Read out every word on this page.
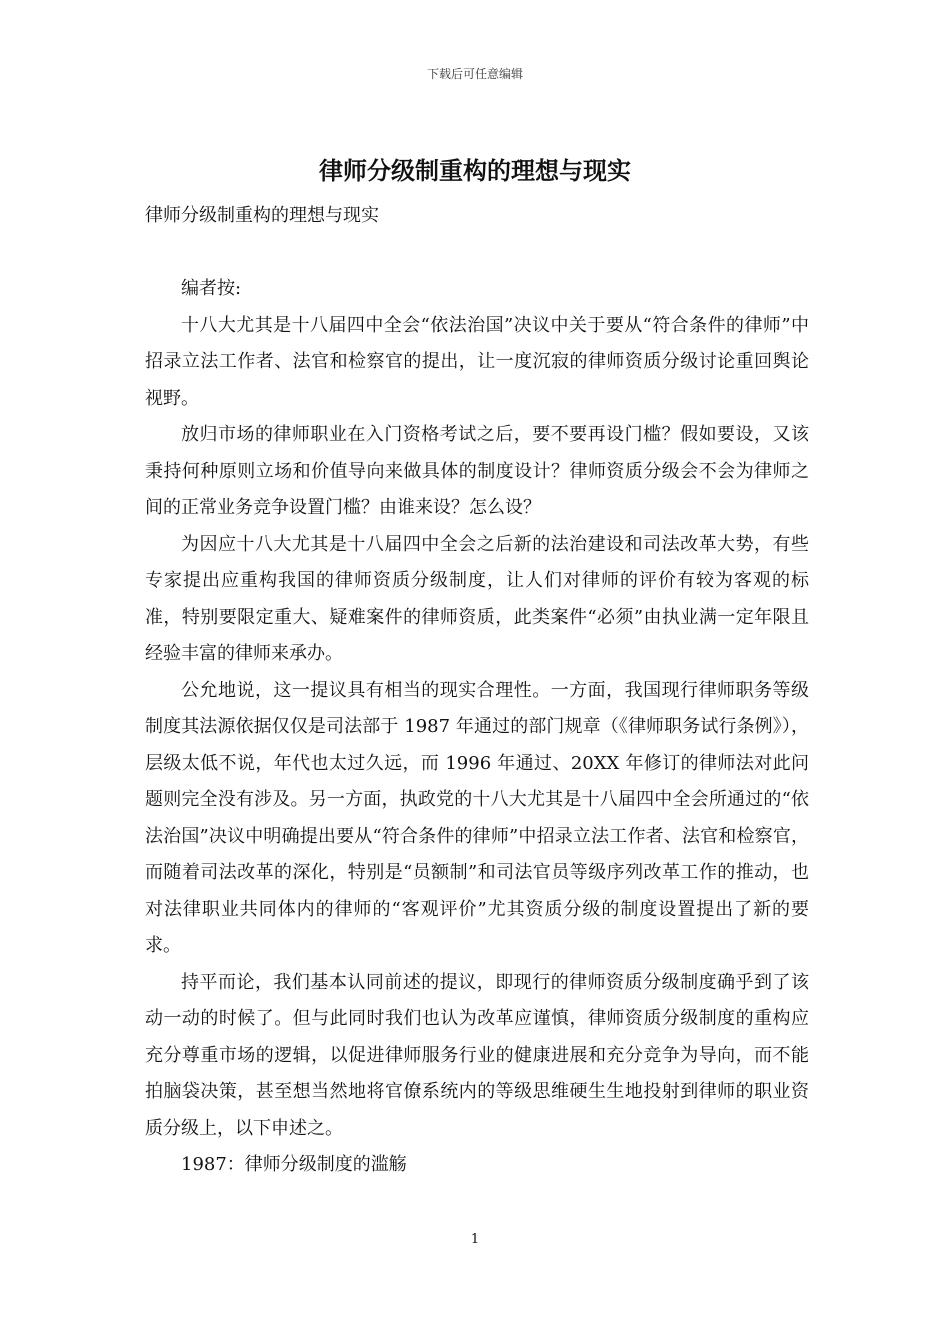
下载后可任意编辑
律师分级制重构的理想与现实

律师分级制重构的理想与现实

编者按:

十八大尤其是十八届四中全会“依法治国”决议中关于要从“符合条件的律师”中招录立法工作者、法官和检察官的提出，让一度沉寂的律师资质分级讨论重回舆论视野。

放归市场的律师职业在入门资格考试之后，要不要再设门槛？假如要设，又该秉持何种原则立场和价值导向来做具体的制度设计？律师资质分级会不会为律师之间的正常业务竞争设置门槛？由谁来设？怎么设？

为因应十八大尤其是十八届四中全会之后新的法治建设和司法改革大势，有些专家提出应重构我国的律师资质分级制度，让人们对律师的评价有较为客观的标准，特别要限定重大、疑难案件的律师资质，此类案件“必须”由执业满一定年限且经验丰富的律师来承办。

公允地说，这一提议具有相当的现实合理性。一方面，我国现行律师职务等级制度其法源依据仅仅是司法部于 1987 年通过的部门规章（《律师职务试行条例》），层级太低不说，年代也太过久远，而 1996 年通过、20XX 年修订的律师法对此问题则完全没有涉及。另一方面，执政党的十八大尤其是十八届四中全会所通过的“依法治国”决议中明确提出要从“符合条件的律师”中招录立法工作者、法官和检察官，而随着司法改革的深化，特别是“员额制”和司法官员等级序列改革工作的推动，也对法律职业共同体内的律师的“客观评价”尤其资质分级的制度设置提出了新的要求。

持平而论，我们基本认同前述的提议，即现行的律师资质分级制度确乎到了该动一动的时候了。但与此同时我们也认为改革应谨慎，律师资质分级制度的重构应充分尊重市场的逻辑，以促进律师服务行业的健康进展和充分竞争为导向，而不能拍脑袋决策，甚至想当然地将官僚系统内的等级思维硬生生地投射到律师的职业资质分级上，以下申述之。

1987：律师分级制度的滥觞

1
